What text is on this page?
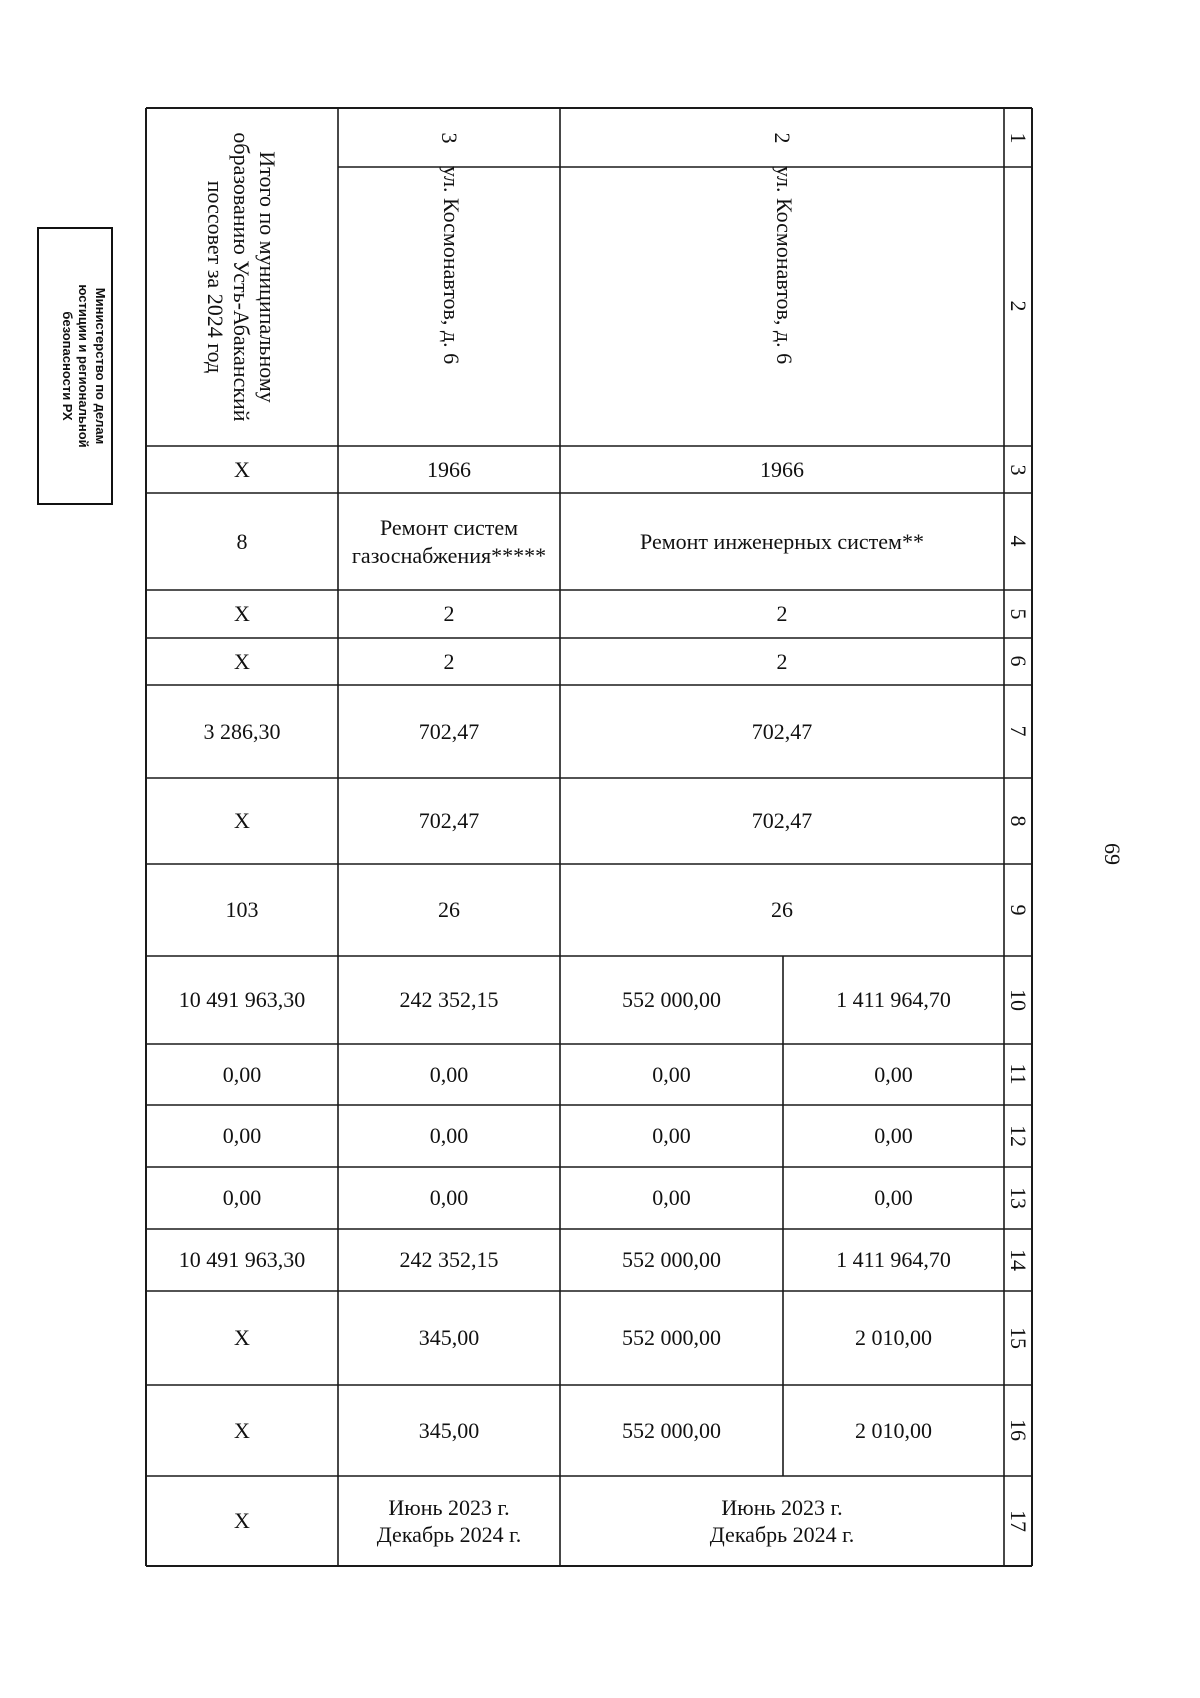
Министерство по делам
юстиции и региональной
безопасности РХ
69
1
2
2
3
ул. Космонавтов, д. 6
ул. Космонавтов, д. 6
Итого по муниципальному образованию Усть-Абаканский поссовет за 2024 год
3
4
5
6
7
8
9
10
11
12
13
14
15
16
17
1966
1966
X
Ремонт инженерных систем**
Ремонт систем газоснабжения*****
8
2
2
X
2
2
X
702,47
702,47
3 286,30
702,47
702,47
X
26
26
103
1 411 964,70
552 000,00
242 352,15
10 491 963,30
0,00
0,00
0,00
0,00
0,00
0,00
0,00
0,00
0,00
0,00
0,00
0,00
1 411 964,70
552 000,00
242 352,15
10 491 963,30
2 010,00
552 000,00
345,00
X
2 010,00
552 000,00
345,00
X
Июнь 2023 г.
Декабрь 2024 г.
Июнь 2023 г.
Декабрь 2024 г.
X
